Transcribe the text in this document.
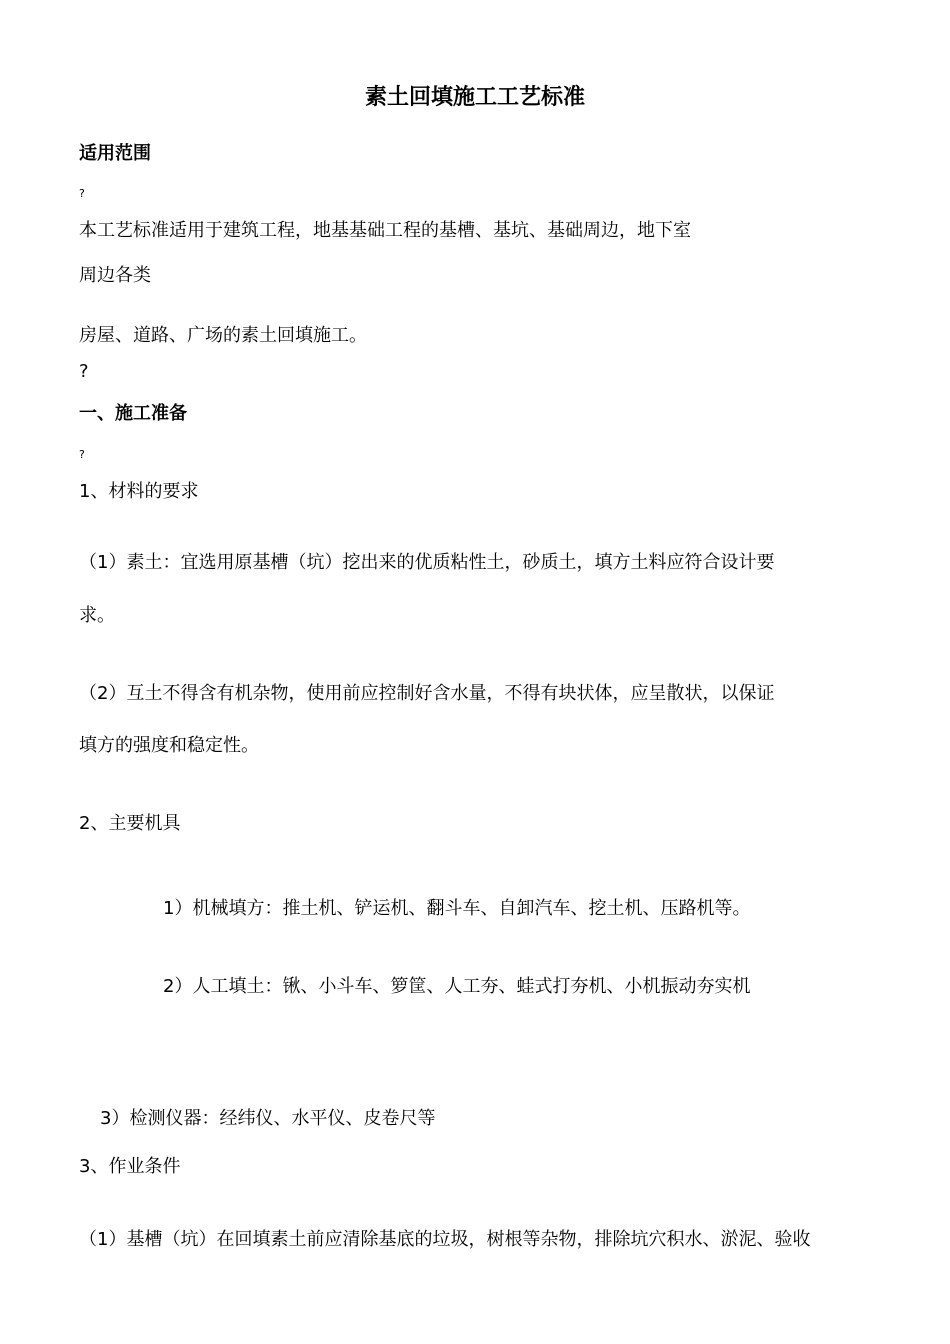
素土回填施工工艺标准
适用范围
?
本工艺标准适用于建筑工程，地基基础工程的基槽、基坑、基础周边，地下室
周边各类
房屋、道路、广场的素土回填施工。
?
一、施工准备
?
1、材料的要求
（1）素土：宜选用原基槽（坑）挖出来的优质粘性土，砂质土，填方土料应符合设计要
求。
（2）互土不得含有机杂物，使用前应控制好含水量，不得有块状体，应呈散状，以保证
填方的强度和稳定性。
2、主要机具
1）机械填方：推土机、铲运机、翻斗车、自卸汽车、挖土机、压路机等。
2）人工填土：锹、小斗车、箩筐、人工夯、蛙式打夯机、小机振动夯实机
3）检测仪器：经纬仪、水平仪、皮卷尺等
3、作业条件
（1）基槽（坑）在回填素土前应清除基底的垃圾，树根等杂物，排除坑穴积水、淤泥、验收
